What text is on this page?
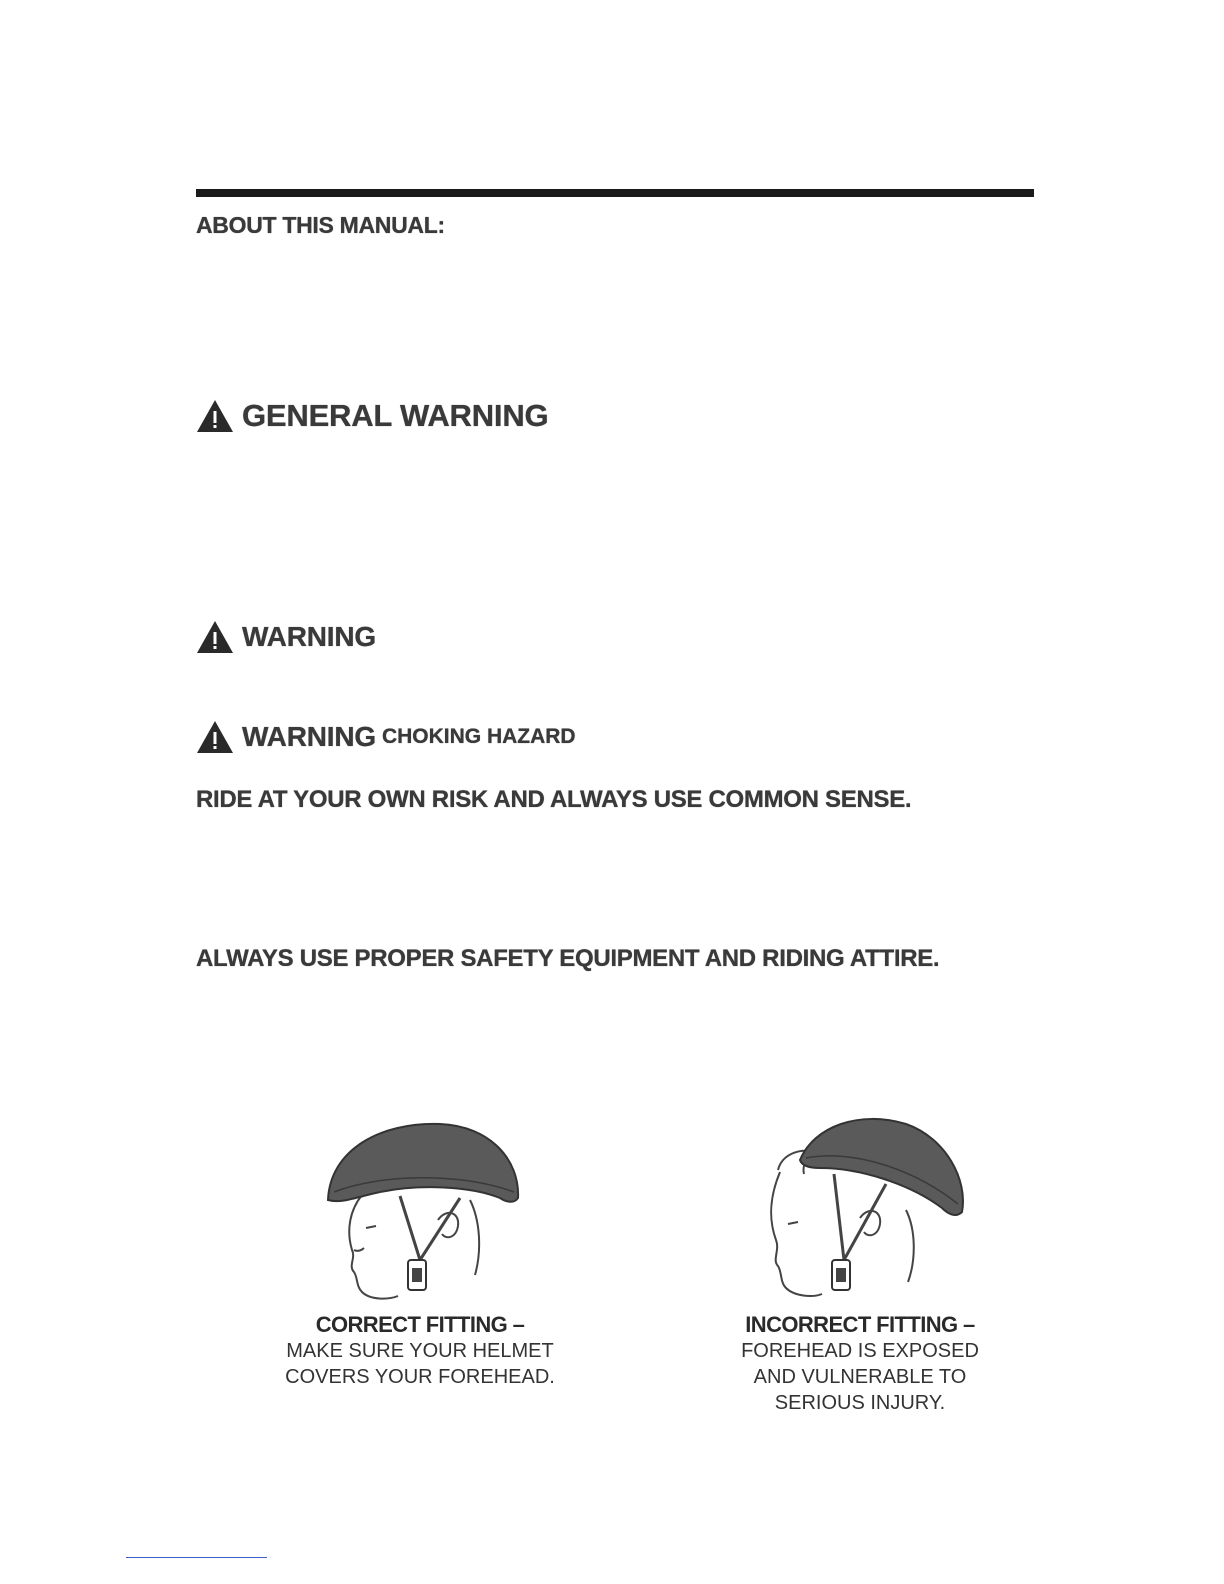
ABOUT THIS MANUAL:
GENERAL WARNING
WARNING
WARNING CHOKING HAZARD
RIDE AT YOUR OWN RISK AND ALWAYS USE COMMON SENSE.
ALWAYS USE PROPER SAFETY EQUIPMENT AND RIDING ATTIRE.
CORRECT FITTING –
MAKE SURE YOUR HELMET
COVERS YOUR FOREHEAD.
INCORRECT FITTING –
FOREHEAD IS EXPOSED
AND VULNERABLE TO
SERIOUS INJURY.
